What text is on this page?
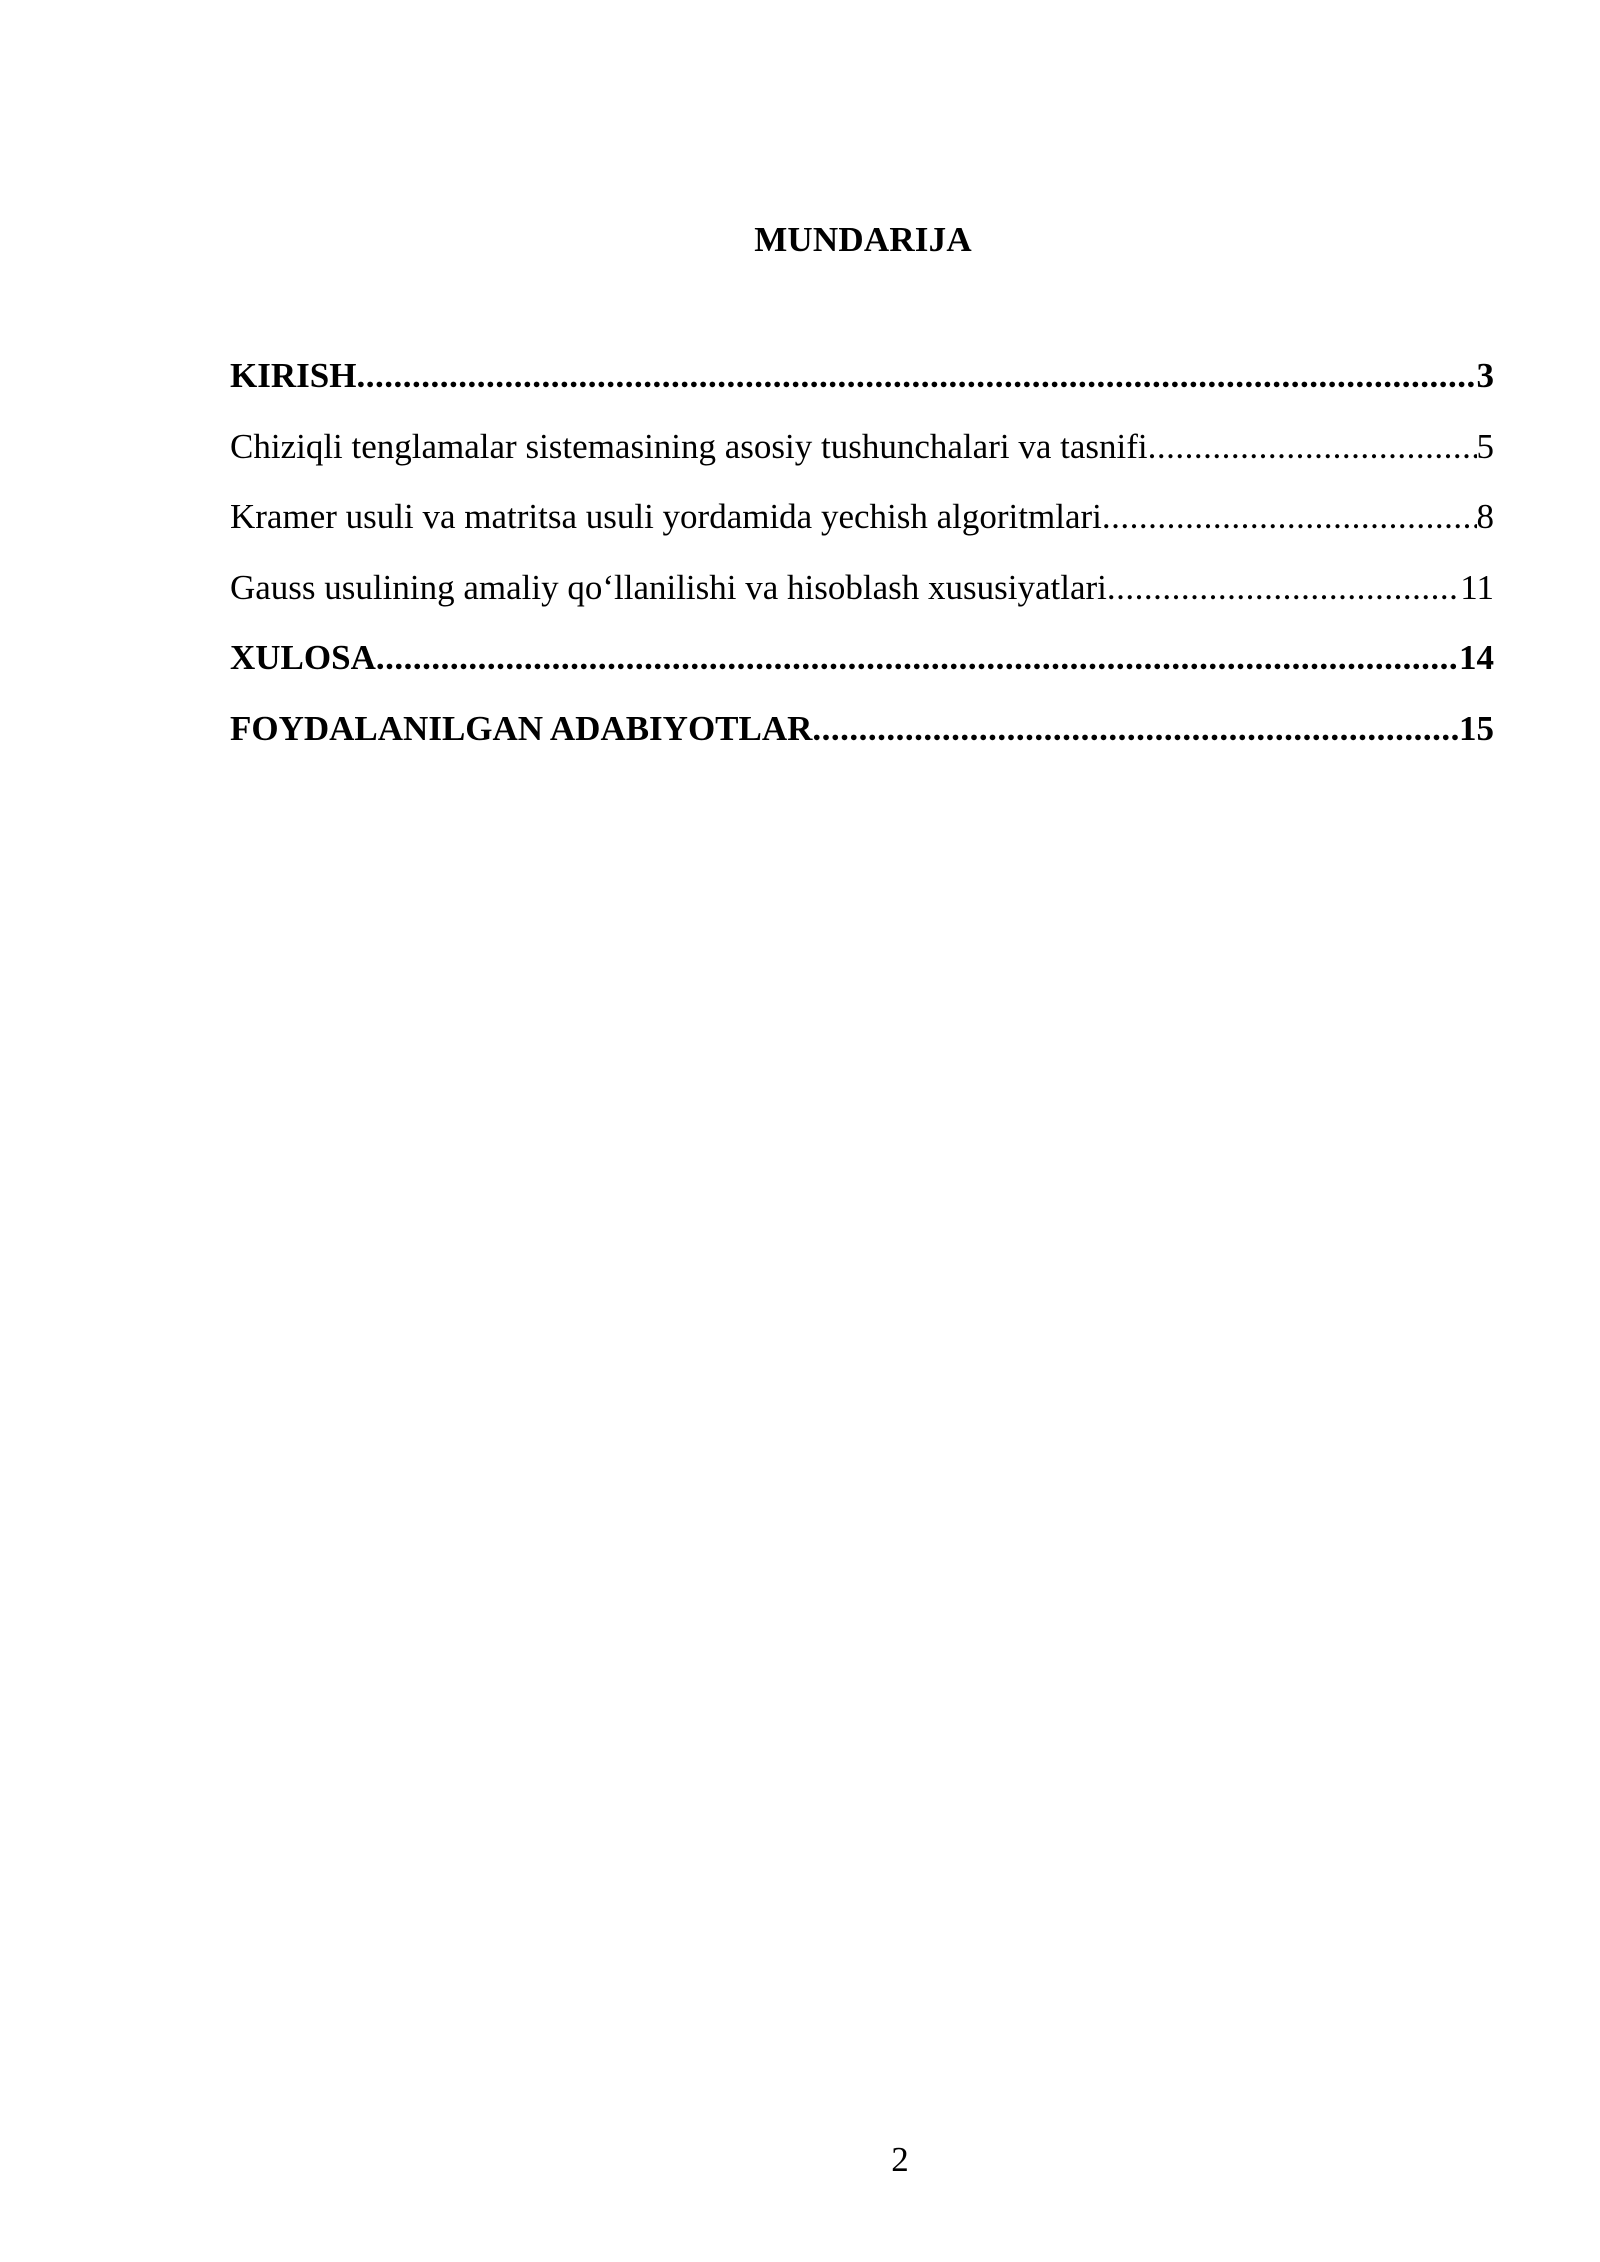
MUNDARIJA
KIRISH .....	3
Chiziqli tenglamalar sistemasining asosiy tushunchalari va tasnifi .....	5
Kramer usuli va matritsa usuli yordamida yechish algoritmlari .....	8
Gauss usulining amaliy qo‘llanilishi va hisoblash xususiyatlari .....	11
XULOSA .....	14
FOYDALANILGAN ADABIYOTLAR .....	15
2
